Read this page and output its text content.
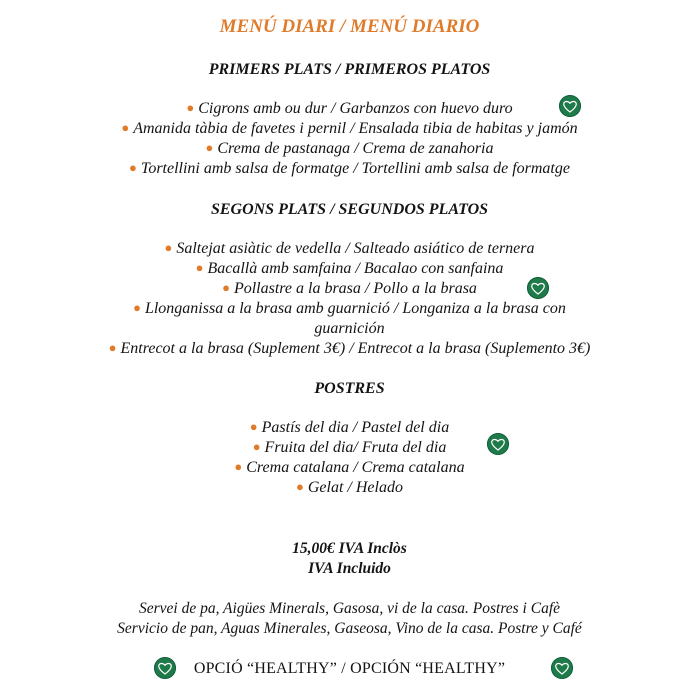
MENÚ DIARI / MENÚ DIARIO
PRIMERS PLATS / PRIMEROS PLATOS
● Cigrons amb ou dur / Garbanzos con huevo duro
● Amanida tàbia de favetes i pernil / Ensalada tibia de habitas y jamón
● Crema de pastanaga / Crema de zanahoria
● Tortellini amb salsa de formatge / Tortellini amb salsa de formatge
SEGONS PLATS / SEGUNDOS PLATOS
● Saltejat asiàtic de vedella / Salteado asiático de ternera
● Bacallà amb samfaina / Bacalao con sanfaina
● Pollastre a la brasa / Pollo a la brasa
● Llonganissa a la brasa amb guarnició / Longaniza a la brasa con
guarnición
● Entrecot a la brasa (Suplement 3€) / Entrecot a la brasa (Suplemento 3€)
POSTRES
● Pastís del dia / Pastel del dia
● Fruita del dia/ Fruta del dia
● Crema catalana / Crema catalana
● Gelat / Helado
15,00€ IVA Inclòs
IVA Incluido
Servei de pa, Aigües Minerals, Gasosa, vi de la casa. Postres i Cafè
Servicio de pan, Aguas Minerales, Gaseosa, Vino de la casa. Postre y Café
OPCIÓ “HEALTHY” / OPCIÓN “HEALTHY”
